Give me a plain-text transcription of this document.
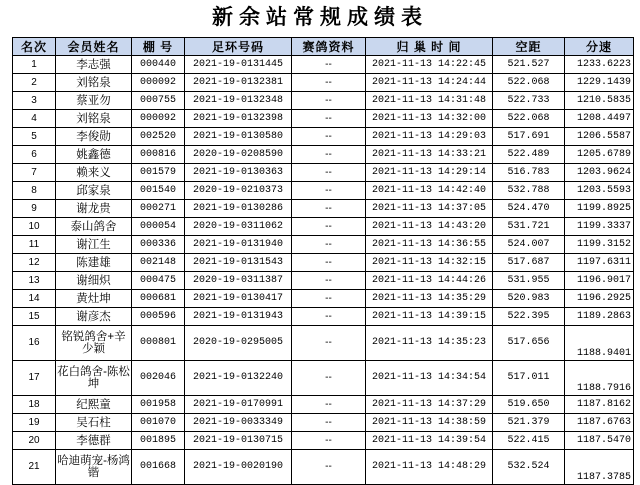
新余站常规成绩表
名次	会员姓名	棚 号	足环号码	赛鸽资料	归 巢 时 间	空距	分速
1	李志强	000440	2021-19-0131445	--	2021-11-13 14:22:45	521.527	1233.6223
2	刘铭泉	000092	2021-19-0132381	--	2021-11-13 14:24:44	522.068	1229.1439
3	蔡亚勿	000755	2021-19-0132348	--	2021-11-13 14:31:48	522.733	1210.5835
4	刘铭泉	000092	2021-19-0132398	--	2021-11-13 14:32:00	522.068	1208.4497
5	李俊勋	002520	2021-19-0130580	--	2021-11-13 14:29:03	517.691	1206.5587
6	姚鑫德	000816	2020-19-0208590	--	2021-11-13 14:33:21	522.489	1205.6789
7	赖来义	001579	2021-19-0130363	--	2021-11-13 14:29:14	516.783	1203.9624
8	邱家泉	001540	2020-19-0210373	--	2021-11-13 14:42:40	532.788	1203.5593
9	谢龙贵	000271	2021-19-0130286	--	2021-11-13 14:37:05	524.470	1199.8925
10	泰山鸽舍	000054	2020-19-0311062	--	2021-11-13 14:43:20	531.721	1199.3337
11	谢江生	000336	2021-19-0131940	--	2021-11-13 14:36:55	524.007	1199.3152
12	陈建雄	002148	2021-19-0131543	--	2021-11-13 14:32:15	517.687	1197.6311
13	谢细炽	000475	2020-19-0311387	--	2021-11-13 14:44:26	531.955	1196.9017
14	黄灶坤	000681	2021-19-0130417	--	2021-11-13 14:35:29	520.983	1196.2925
15	谢彦杰	000596	2021-19-0131943	--	2021-11-13 14:39:15	522.395	1189.2863
16	铭锐鸽舍+辛少颖	000801	2020-19-0295005	--	2021-11-13 14:35:23	517.656	1188.9401
17	花白鸽舍-陈松坤	002046	2021-19-0132240	--	2021-11-13 14:34:54	517.011	1188.7916
18	纪熙童	001958	2021-19-0170991	--	2021-11-13 14:37:29	519.650	1187.8162
19	吴石柱	001070	2021-19-0033349	--	2021-11-13 14:38:59	521.379	1187.6763
20	李德群	001895	2021-19-0130715	--	2021-11-13 14:39:54	522.415	1187.5470
21	哈迪萌宠-杨鸿锴	001668	2021-19-0020190	--	2021-11-13 14:48:29	532.524	1187.3785
